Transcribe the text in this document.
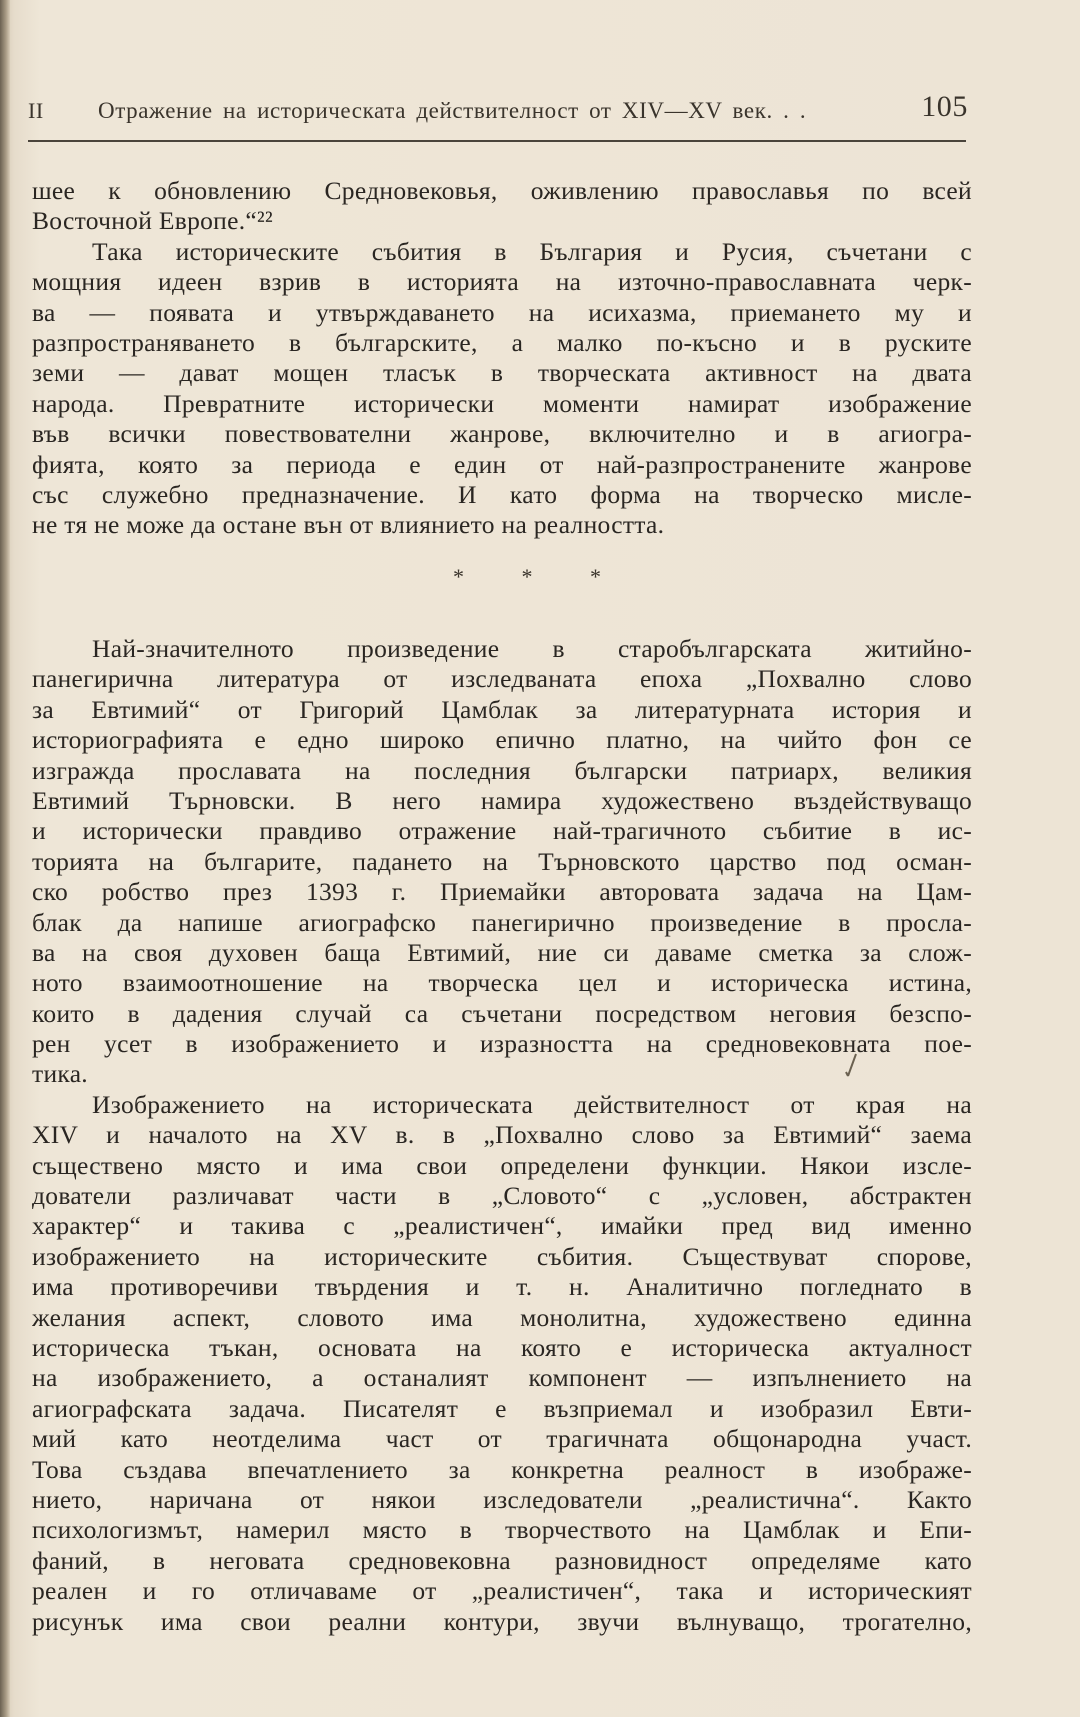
II Отражение на историческата действителност от XIV—XV век. . .	105
шее к обновлению Средновековья, оживлению православья по всей
Восточной Европе.“²²
Така историческите събития в България и Русия, съчетани с
мощния идеен взрив в историята на източно-православната черк-
ва — появата и утвърждаването на исихазма, приемането му и
разпространяването в българските, а малко по-късно и в руските
земи — дават мощен тласък в творческата активност на двата
народа. Превратните исторически моменти намират изображение
във всички повествователни жанрове, включително и в агиогра-
фията, която за периода е един от най-разпространените жанрове
със служебно предназначение. И като форма на творческо мисле-
не тя не може да остане вън от влиянието на реалността.
* * *
Най-значителното произведение в старобългарската житийно-
панегирична литература от изследваната епоха „Похвално слово
за Евтимий“ от Григорий Цамблак за литературната история и
историографията е едно широко епично платно, на чийто фон се
изгражда прославата на последния български патриарх, великия
Евтимий Търновски. В него намира художествено въздействуващо
и исторически правдиво отражение най-трагичното събитие в ис-
торията на българите, падането на Търновското царство под осман-
ско робство през 1393 г. Приемайки авторовата задача на Цам-
блак да напише агиографско панегирично произведение в просла-
ва на своя духовен баща Евтимий, ние си даваме сметка за слож-
ното взаимоотношение на творческа цел и историческа истина,
които в дадения случай са съчетани посредством неговия безспо-
рен усет в изображението и изразността на средновековната пое-
тика.
Изображението на историческата действителност от края на
XIV и началото на XV в. в „Похвално слово за Евтимий“ заема
съществено място и има свои определени функции. Някои изсле-
дователи различават части в „Словото“ с „условен, абстрактен
характер“ и такива с „реалистичен“, имайки пред вид именно
изображението на историческите събития. Съществуват спорове,
има противоречиви твърдения и т. н. Аналитично погледнато в
желания аспект, словото има монолитна, художествено единна
историческа тъкан, основата на която е историческа актуалност
на изображението, а останалият компонент — изпълнението на
агиографската задача. Писателят е възприемал и изобразил Евти-
мий като неотделима част от трагичната общонародна участ.
Това създава впечатлението за конкретна реалност в изображе-
нието, наричана от някои изследователи „реалистична“. Както
психологизмът, намерил място в творчеството на Цамблак и Епи-
фаний, в неговата средновековна разновидност определяме като
реален и го отличаваме от „реалистичен“, така и историческият
рисунък има свои реални контури, звучи вълнуващо, трогателно,
